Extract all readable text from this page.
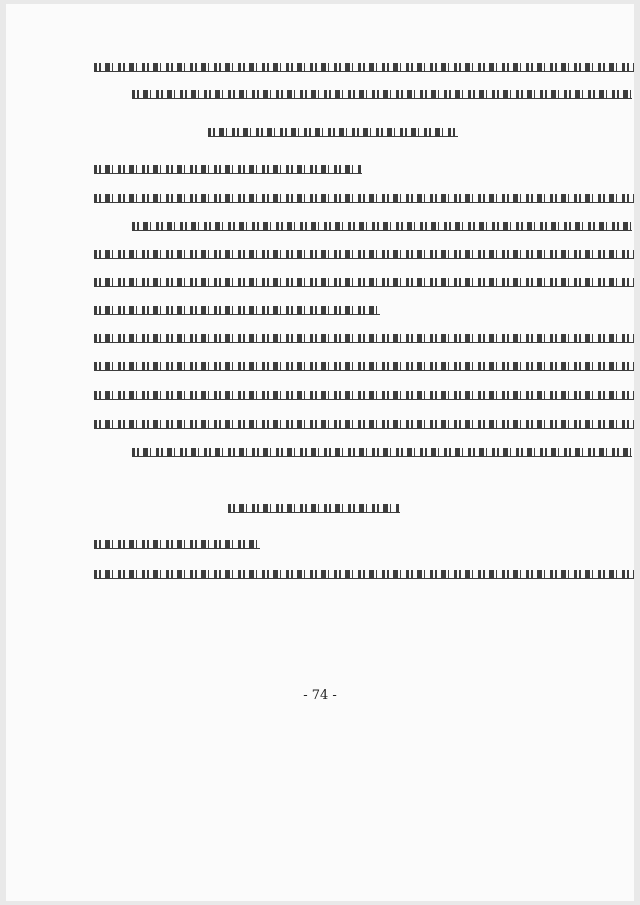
- 74 -
